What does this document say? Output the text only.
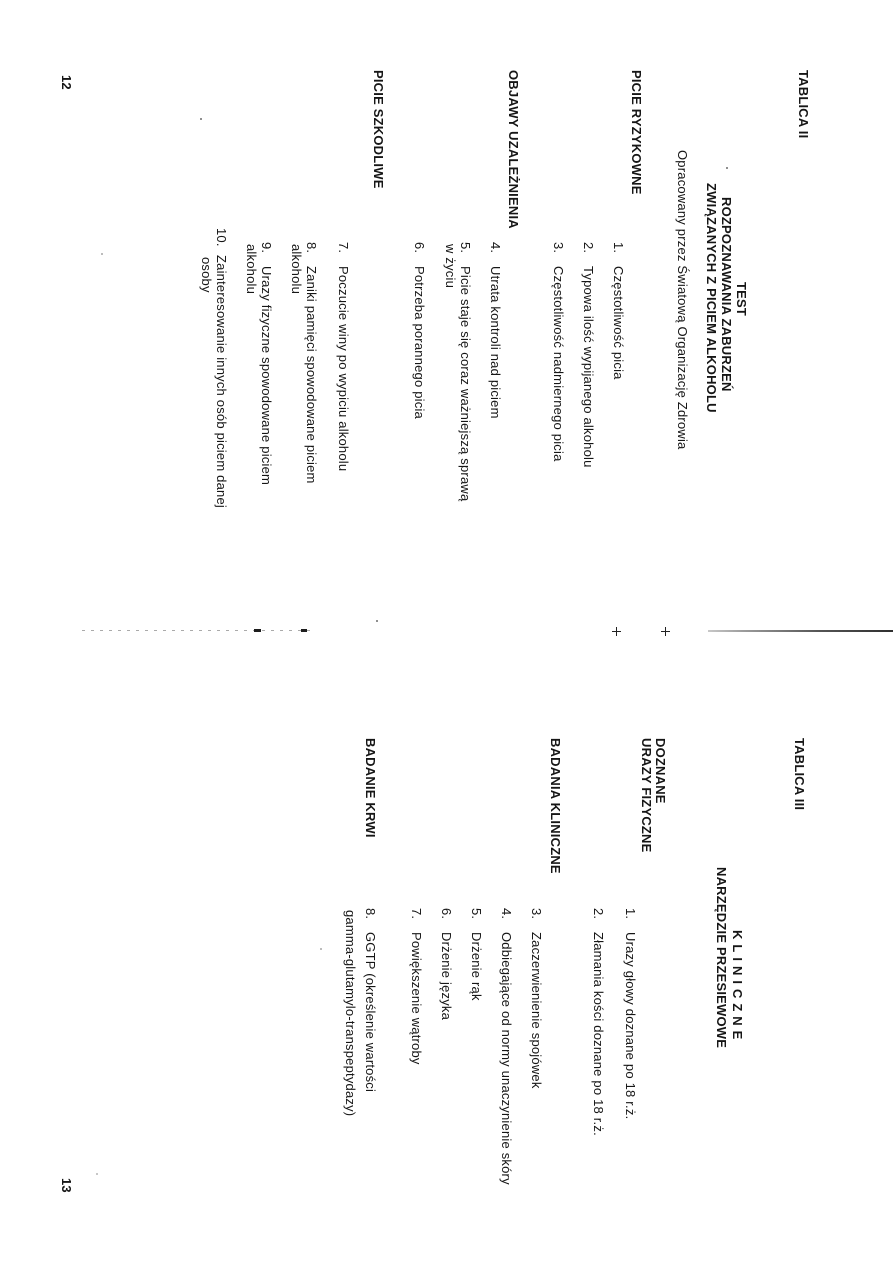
TABLICA II
TEST
ROZPOZNAWANIA ZABURZEŃ
ZWIĄZANYCH Z PICIEM ALKOHOLU
Opracowany przez Światową Organizację Zdrowia
PICIE RYZYKOWNE
1.Częstotliwość picia
2.Typowa ilość wypijanego alkoholu
3.Częstotliwość nadmiernego picia
OBJAWY UZALEŻNIENIA
4.Utrata kontroli nad piciem
5.Picie staje się coraz ważniejszą sprawą
w życiu
6.Potrzeba porannego picia
PICIE SZKODLIWE
7.Poczucie winy po wypiciu alkoholu
8.Zaniki pamięci spowodowane piciem
alkoholu
9.Urazy fizyczne spowodowane piciem
alkoholu
10.Zainteresowanie innych osób piciem danej
osoby
12
TABLICA III
KLINICZNE
NARZĘDZIE PRZESIEWOWE
DOZNANE
URAZY FIZYCZNE
1.Urazy głowy doznane po 18 r.ż.
2.Złamania kości doznane po 18 r.ż.
BADANIA KLINICZNE
3.Zaczerwienienie spojówek
4.Odbiegające od normy unaczynienie skóry
5.Drżenie rąk
6.Drżenie języka
7.Powiększenie wątroby
BADANIE KRWI
8.GGTP (określenie wartości
gamma-glutamylo-transpeptydazy)
13
